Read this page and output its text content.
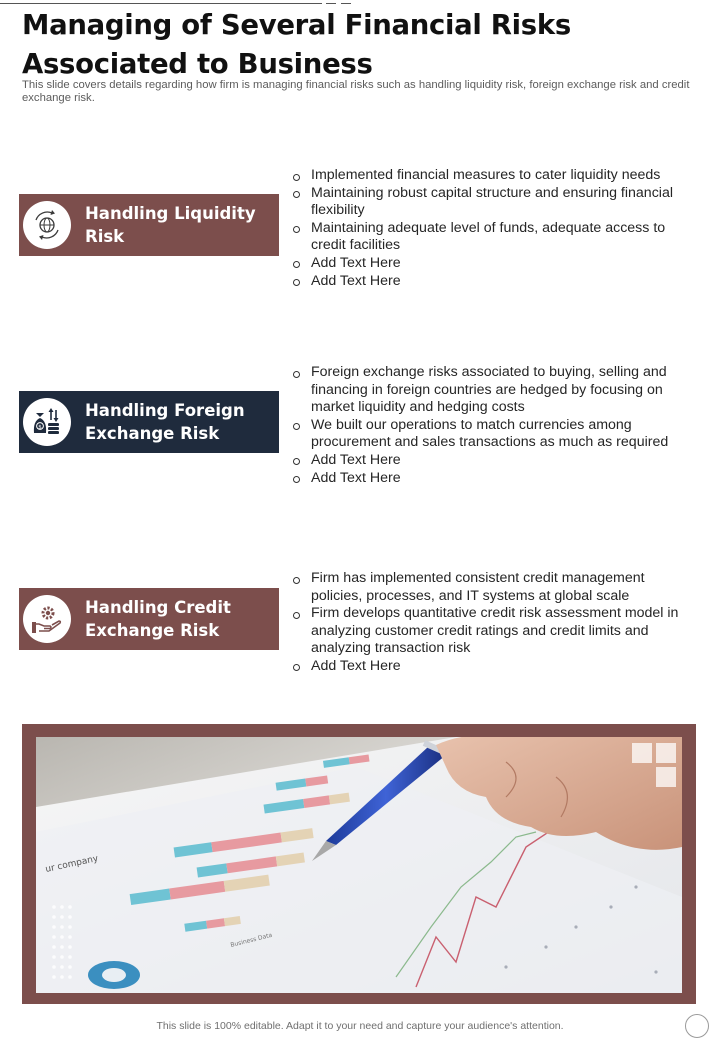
Managing of Several Financial Risks Associated to Business

This slide covers details regarding how firm is managing financial risks such as handling liquidity risk, foreign exchange risk and credit exchange risk.

Handling Liquidity Risk
Implemented financial measures to cater liquidity needs
Maintaining robust capital structure and ensuring financial flexibility
Maintaining adequate level of funds, adequate access to credit facilities
Add Text Here
Add Text Here
$
Handling Foreign Exchange Risk
Foreign exchange risks associated to buying, selling and financing in foreign countries are hedged by focusing on market liquidity and hedging costs
We built our operations to match currencies among procurement and sales transactions as much as required
Add Text Here
Add Text Here
Handling Credit Exchange Risk
Firm has implemented consistent credit management policies, processes, and IT systems at global scale
Firm develops quantitative credit risk assessment model in analyzing customer credit ratings and credit limits and analyzing transaction risk
Add Text Here
ur company
Business Data
This slide is 100% editable. Adapt it to your need and capture your audience's attention.
